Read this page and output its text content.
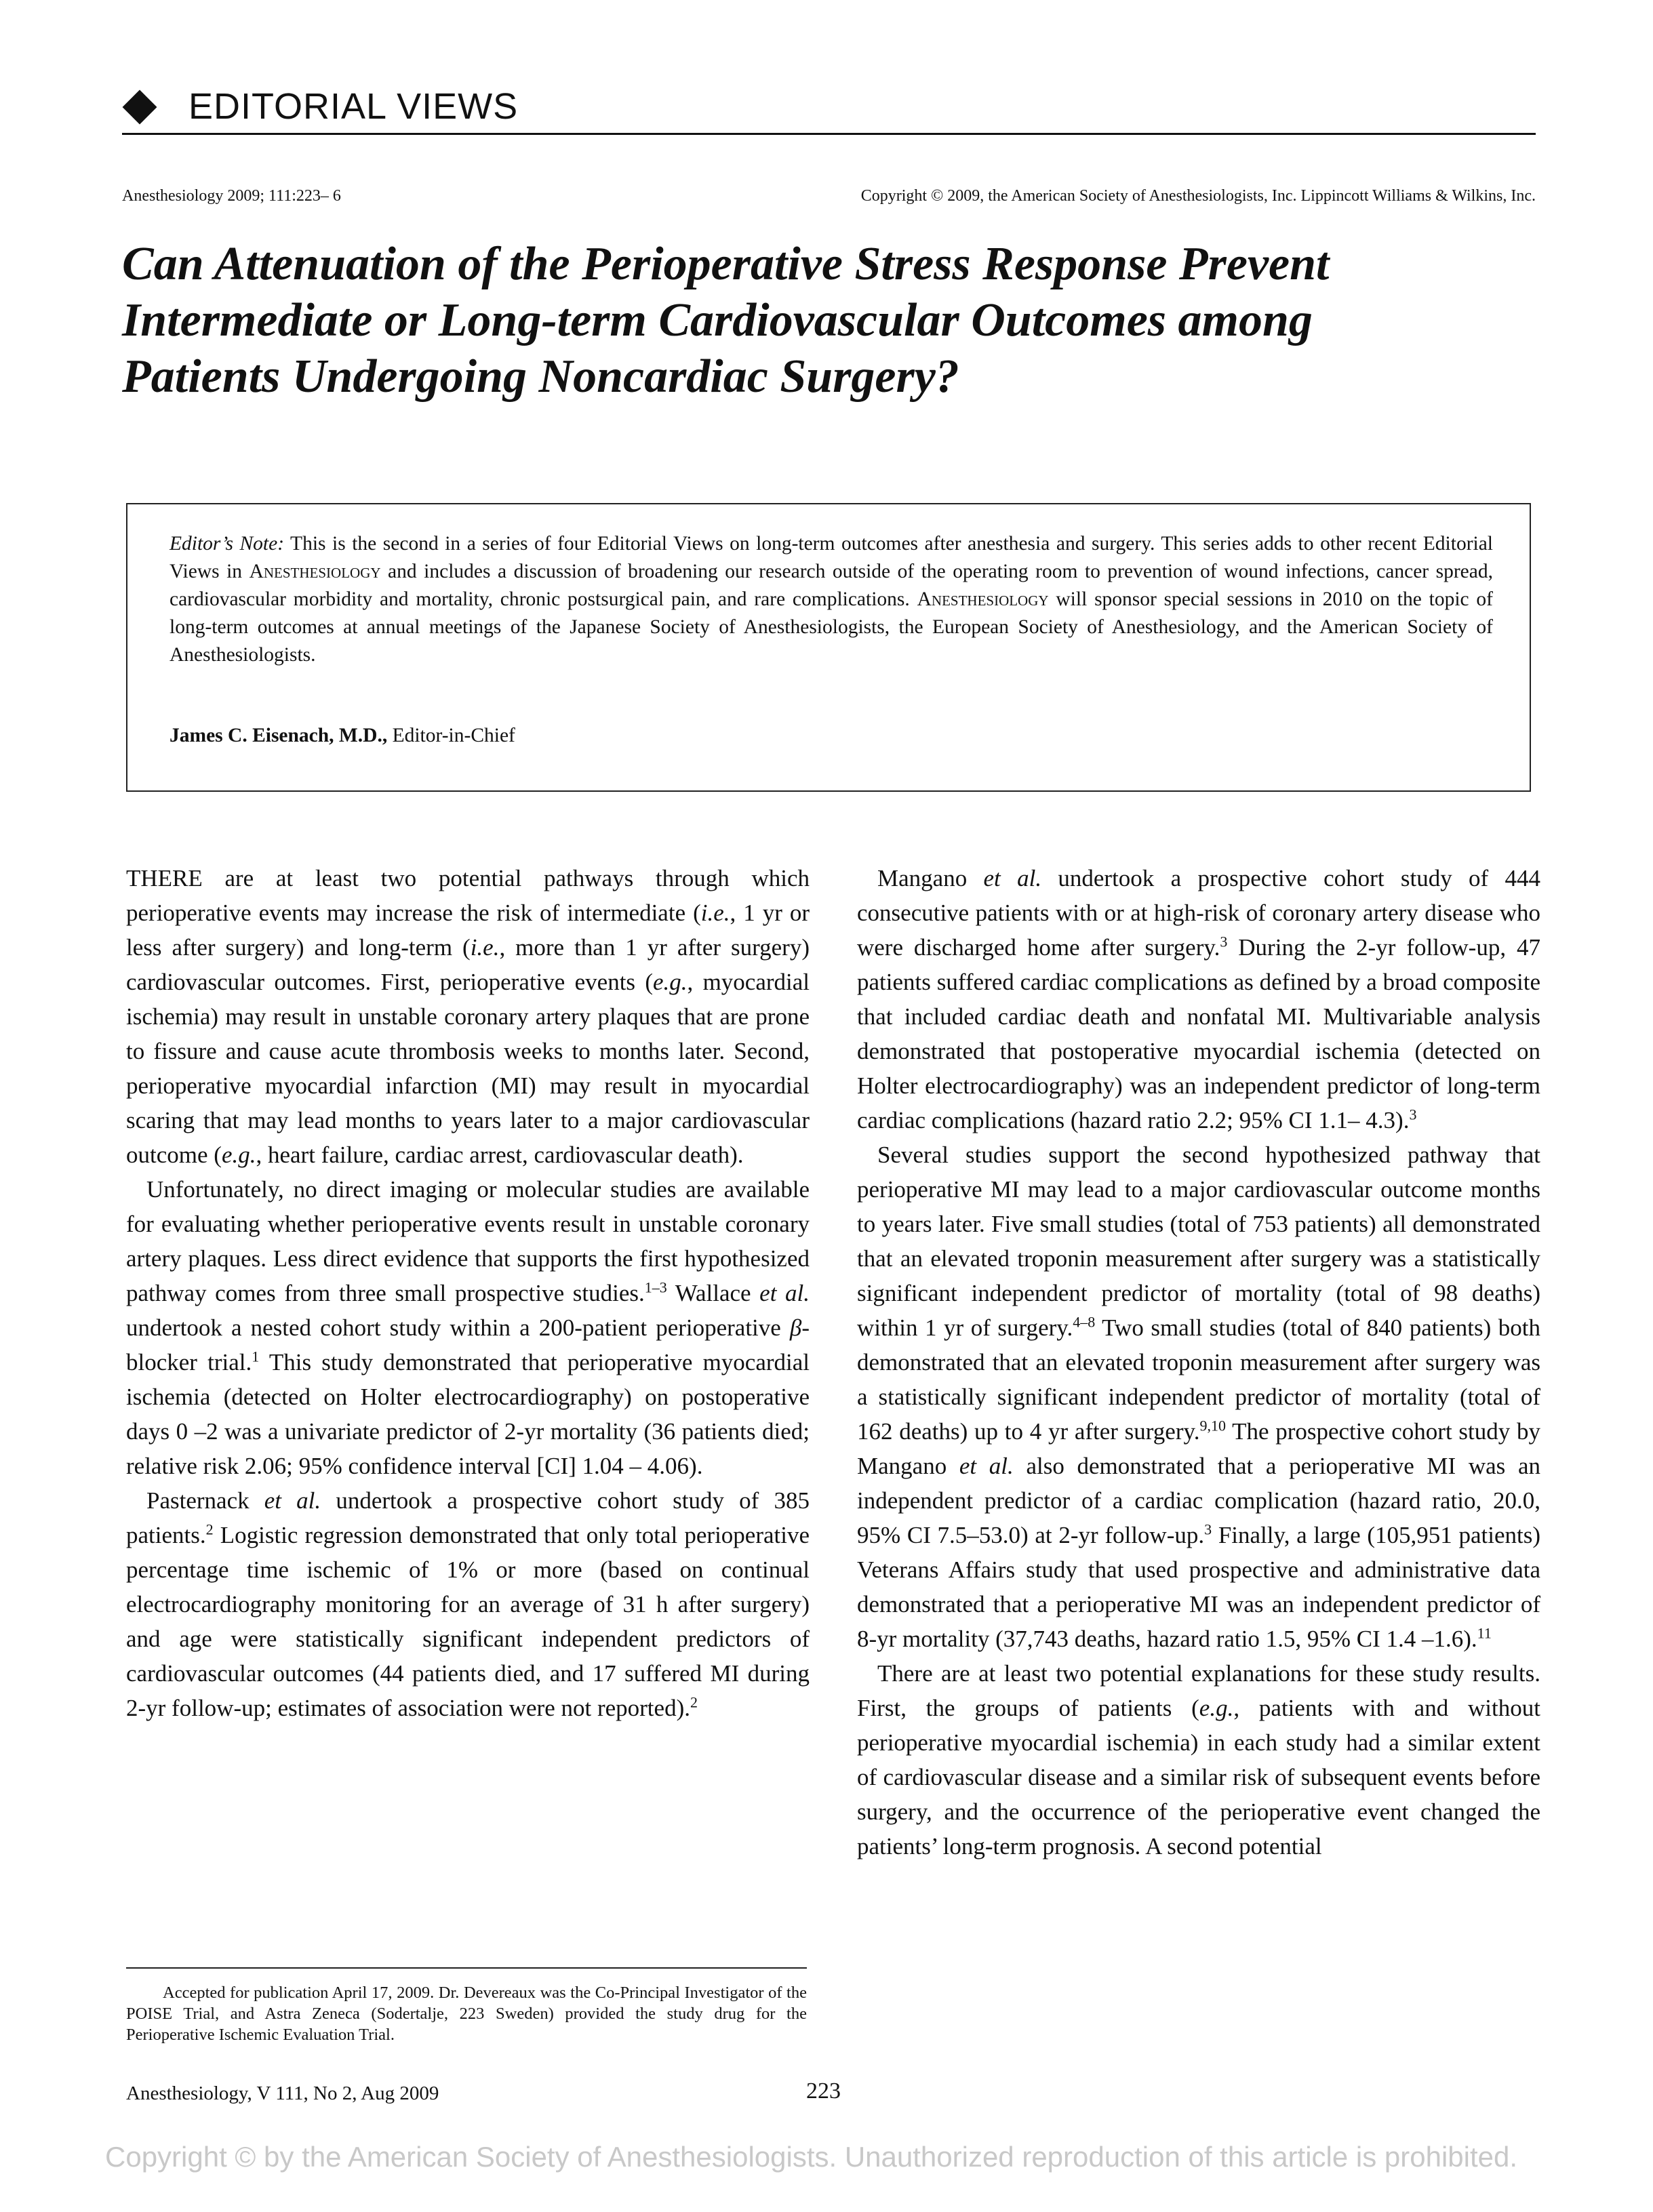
EDITORIAL VIEWS
Anesthesiology 2009; 111:223– 6	Copyright © 2009, the American Society of Anesthesiologists, Inc. Lippincott Williams & Wilkins, Inc.
Can Attenuation of the Perioperative Stress Response Prevent Intermediate or Long-term Cardiovascular Outcomes among Patients Undergoing Noncardiac Surgery?
Editor’s Note: This is the second in a series of four Editorial Views on long-term outcomes after anesthesia and surgery. This series adds to other recent Editorial Views in Anesthesiology and includes a discussion of broadening our research outside of the operating room to prevention of wound infections, cancer spread, cardiovascular morbidity and mortality, chronic postsurgical pain, and rare complications. Anesthesiology will sponsor special sessions in 2010 on the topic of long-term outcomes at annual meetings of the Japanese Society of Anesthesiologists, the European Society of Anesthesiology, and the American Society of Anesthesiologists.
James C. Eisenach, M.D., Editor-in-Chief

THERE are at least two potential pathways through which perioperative events may increase the risk of intermediate (i.e., 1 yr or less after surgery) and long-term (i.e., more than 1 yr after surgery) cardiovascular outcomes. First, perioperative events (e.g., myocardial ischemia) may result in unstable coronary artery plaques that are prone to fissure and cause acute thrombosis weeks to months later. Second, perioperative myocardial infarction (MI) may result in myocardial scaring that may lead months to years later to a major cardiovascular outcome (e.g., heart failure, cardiac arrest, cardiovascular death).

Unfortunately, no direct imaging or molecular studies are available for evaluating whether perioperative events result in unstable coronary artery plaques. Less direct evidence that supports the first hypothesized pathway comes from three small prospective studies.$^{1-3}$ Wallace et al. undertook a nested cohort study within a 200-patient perioperative β-blocker trial.$^1$ This study demonstrated that perioperative myocardial ischemia (detected on Holter electrocardiography) on postoperative days 0 –2 was a univariate predictor of 2-yr mortality (36 patients died; relative risk 2.06; 95% confidence interval [CI] 1.04 – 4.06).

Pasternack et al. undertook a prospective cohort study of 385 patients.$^2$ Logistic regression demonstrated that only total perioperative percentage time ischemic of 1% or more (based on continual electrocardiography monitoring for an average of 31 h after surgery) and age were statistically significant independent predictors of cardiovascular outcomes (44 patients died, and 17 suffered MI during 2-yr follow-up; estimates of association were not reported).$^2$

Mangano et al. undertook a prospective cohort study of 444 consecutive patients with or at high-risk of coronary artery disease who were discharged home after surgery.$^3$ During the 2-yr follow-up, 47 patients suffered cardiac complications as defined by a broad composite that included cardiac death and nonfatal MI. Multivariable analysis demonstrated that postoperative myocardial ischemia (detected on Holter electrocardiography) was an independent predictor of long-term cardiac complications (hazard ratio 2.2; 95% CI 1.1– 4.3).$^3$

Several studies support the second hypothesized pathway that perioperative MI may lead to a major cardiovascular outcome months to years later. Five small studies (total of 753 patients) all demonstrated that an elevated troponin measurement after surgery was a statistically significant independent predictor of mortality (total of 98 deaths) within 1 yr of surgery.$^{4-8}$ Two small studies (total of 840 patients) both demonstrated that an elevated troponin measurement after surgery was a statistically significant independent predictor of mortality (total of 162 deaths) up to 4 yr after surgery.$^{9,10}$ The prospective cohort study by Mangano et al. also demonstrated that a perioperative MI was an independent predictor of a cardiac complication (hazard ratio, 20.0, 95% CI 7.5–53.0) at 2-yr follow-up.$^3$ Finally, a large (105,951 patients) Veterans Affairs study that used prospective and administrative data demonstrated that a perioperative MI was an independent predictor of 8-yr mortality (37,743 deaths, hazard ratio 1.5, 95% CI 1.4 –1.6).$^{11}$

There are at least two potential explanations for these study results. First, the groups of patients (e.g., patients with and without perioperative myocardial ischemia) in each study had a similar extent of cardiovascular disease and a similar risk of subsequent events before surgery, and the occurrence of the perioperative event changed the patients’ long-term prognosis. A second potential

Accepted for publication April 17, 2009. Dr. Devereaux was the Co-Principal Investigator of the POISE Trial, and Astra Zeneca (Sodertalje, 223 Sweden) provided the study drug for the Perioperative Ischemic Evaluation Trial.

Anesthesiology, V 111, No 2, Aug 2009	223
Copyright © by the American Society of Anesthesiologists. Unauthorized reproduction of this article is prohibited.
